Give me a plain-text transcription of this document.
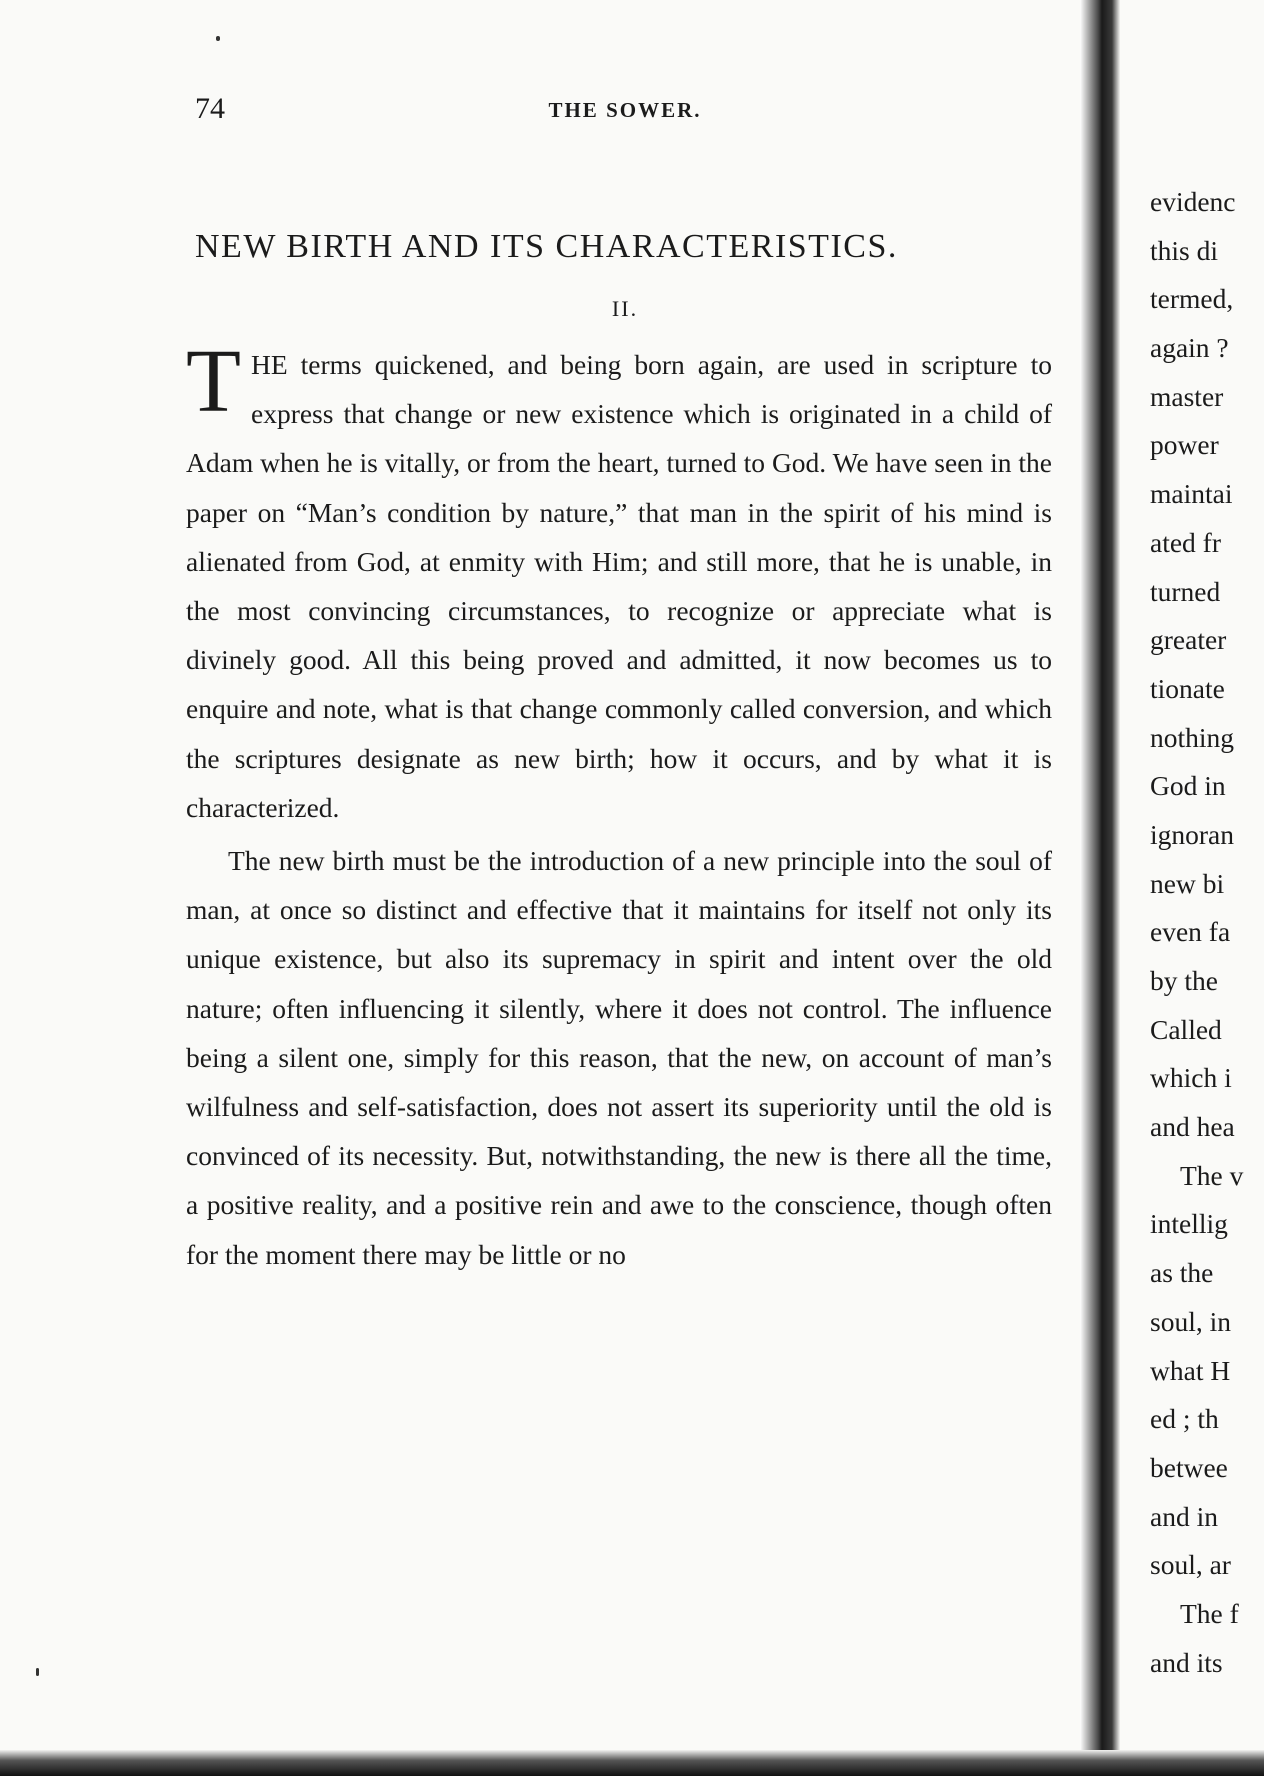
74	THE SOWER.
NEW BIRTH AND ITS CHARACTERISTICS.
II.

THE terms quickened, and being born again, are used in scripture to express that change or new existence which is originated in a child of Adam when he is vitally, or from the heart, turned to God. We have seen in the paper on “Man’s condition by nature,” that man in the spirit of his mind is alienated from God, at enmity with Him; and still more, that he is unable, in the most convincing circumstances, to recognize or appreciate what is divinely good. All this being proved and admitted, it now becomes us to enquire and note, what is that change commonly called conversion, and which the scriptures designate as new birth; how it occurs, and by what it is characterized.

The new birth must be the introduction of a new principle into the soul of man, at once so distinct and effective that it maintains for itself not only its unique existence, but also its supremacy in spirit and intent over the old nature; often influencing it silently, where it does not control. The influence being a silent one, simply for this reason, that the new, on account of man’s wilfulness and self-satisfaction, does not assert its superiority until the old is convinced of its necessity. But, notwithstanding, the new is there all the time, a positive reality, and a positive rein and awe to the conscience, though often for the moment there may be little or no

evidenc
this di
termed,
again ?
master
power
maintai
ated fr
turned
greater
tionate
nothing
God in
ignoran
new bi
even fa
by the
Called
which i
and hea
The v
intellig
as the
soul, in
what H
ed ; th
betwee
and in
soul, ar
The f
and its
